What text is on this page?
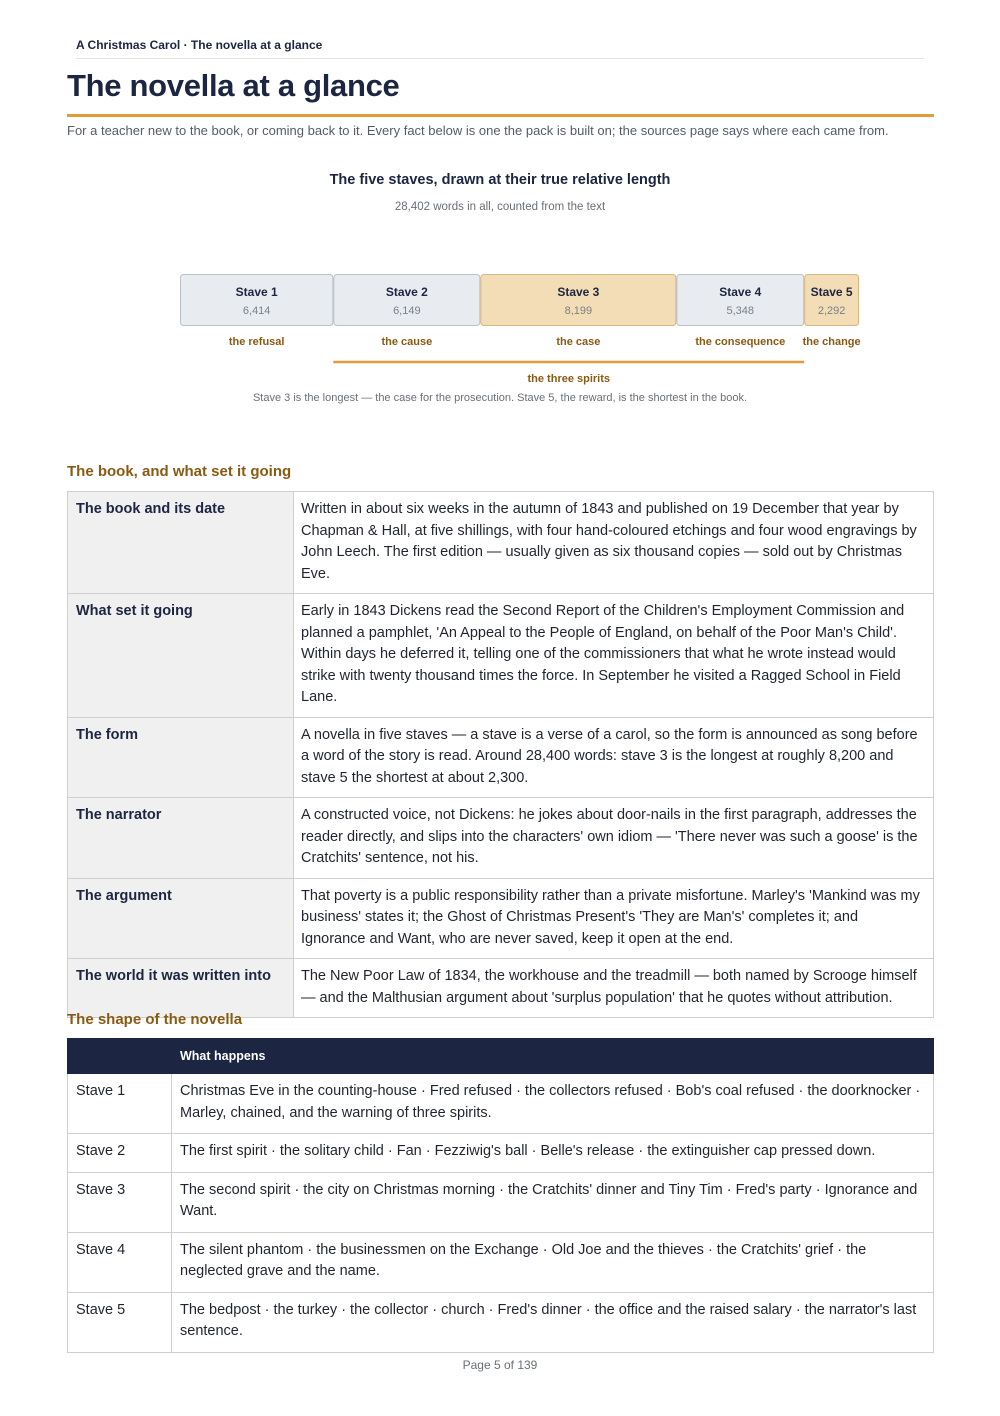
A Christmas Carol · The novella at a glance
The novella at a glance
For a teacher new to the book, or coming back to it. Every fact below is one the pack is built on; the sources page says where each came from.
The five staves, drawn at their true relative length
28,402 words in all, counted from the text
Stave 1
6,414
the refusal
Stave 2
6,149
the cause
Stave 3
8,199
the case
Stave 4
5,348
the consequence
Stave 5
2,292
the change
the three spirits
Stave 3 is the longest — the case for the prosecution. Stave 5, the reward, is the shortest in the book.
The book, and what set it going
The book and its date	Written in about six weeks in the autumn of 1843 and published on 19 December that year by Chapman & Hall, at five shillings, with four hand-coloured etchings and four wood engravings by John Leech. The first edition — usually given as six thousand copies — sold out by Christmas Eve.
What set it going	Early in 1843 Dickens read the Second Report of the Children's Employment Commission and planned a pamphlet, 'An Appeal to the People of England, on behalf of the Poor Man's Child'. Within days he deferred it, telling one of the commissioners that what he wrote instead would strike with twenty thousand times the force. In September he visited a Ragged School in Field Lane.
The form	A novella in five staves — a stave is a verse of a carol, so the form is announced as song before a word of the story is read. Around 28,400 words: stave 3 is the longest at roughly 8,200 and stave 5 the shortest at about 2,300.
The narrator	A constructed voice, not Dickens: he jokes about door-nails in the first paragraph, addresses the reader directly, and slips into the characters' own idiom — 'There never was such a goose' is the Cratchits' sentence, not his.
The argument	That poverty is a public responsibility rather than a private misfortune. Marley's 'Mankind was my business' states it; the Ghost of Christmas Present's 'They are Man's' completes it; and Ignorance and Want, who are never saved, keep it open at the end.
The world it was written into	The New Poor Law of 1834, the workhouse and the treadmill — both named by Scrooge himself — and the Malthusian argument about 'surplus population' that he quotes without attribution.
The shape of the novella
	What happens
Stave 1	Christmas Eve in the counting-house · Fred refused · the collectors refused · Bob's coal refused · the doorknocker · Marley, chained, and the warning of three spirits.
Stave 2	The first spirit · the solitary child · Fan · Fezziwig's ball · Belle's release · the extinguisher cap pressed down.
Stave 3	The second spirit · the city on Christmas morning · the Cratchits' dinner and Tiny Tim · Fred's party · Ignorance and Want.
Stave 4	The silent phantom · the businessmen on the Exchange · Old Joe and the thieves · the Cratchits' grief · the neglected grave and the name.
Stave 5	The bedpost · the turkey · the collector · church · Fred's dinner · the office and the raised salary · the narrator's last sentence.
Page 5 of 139
